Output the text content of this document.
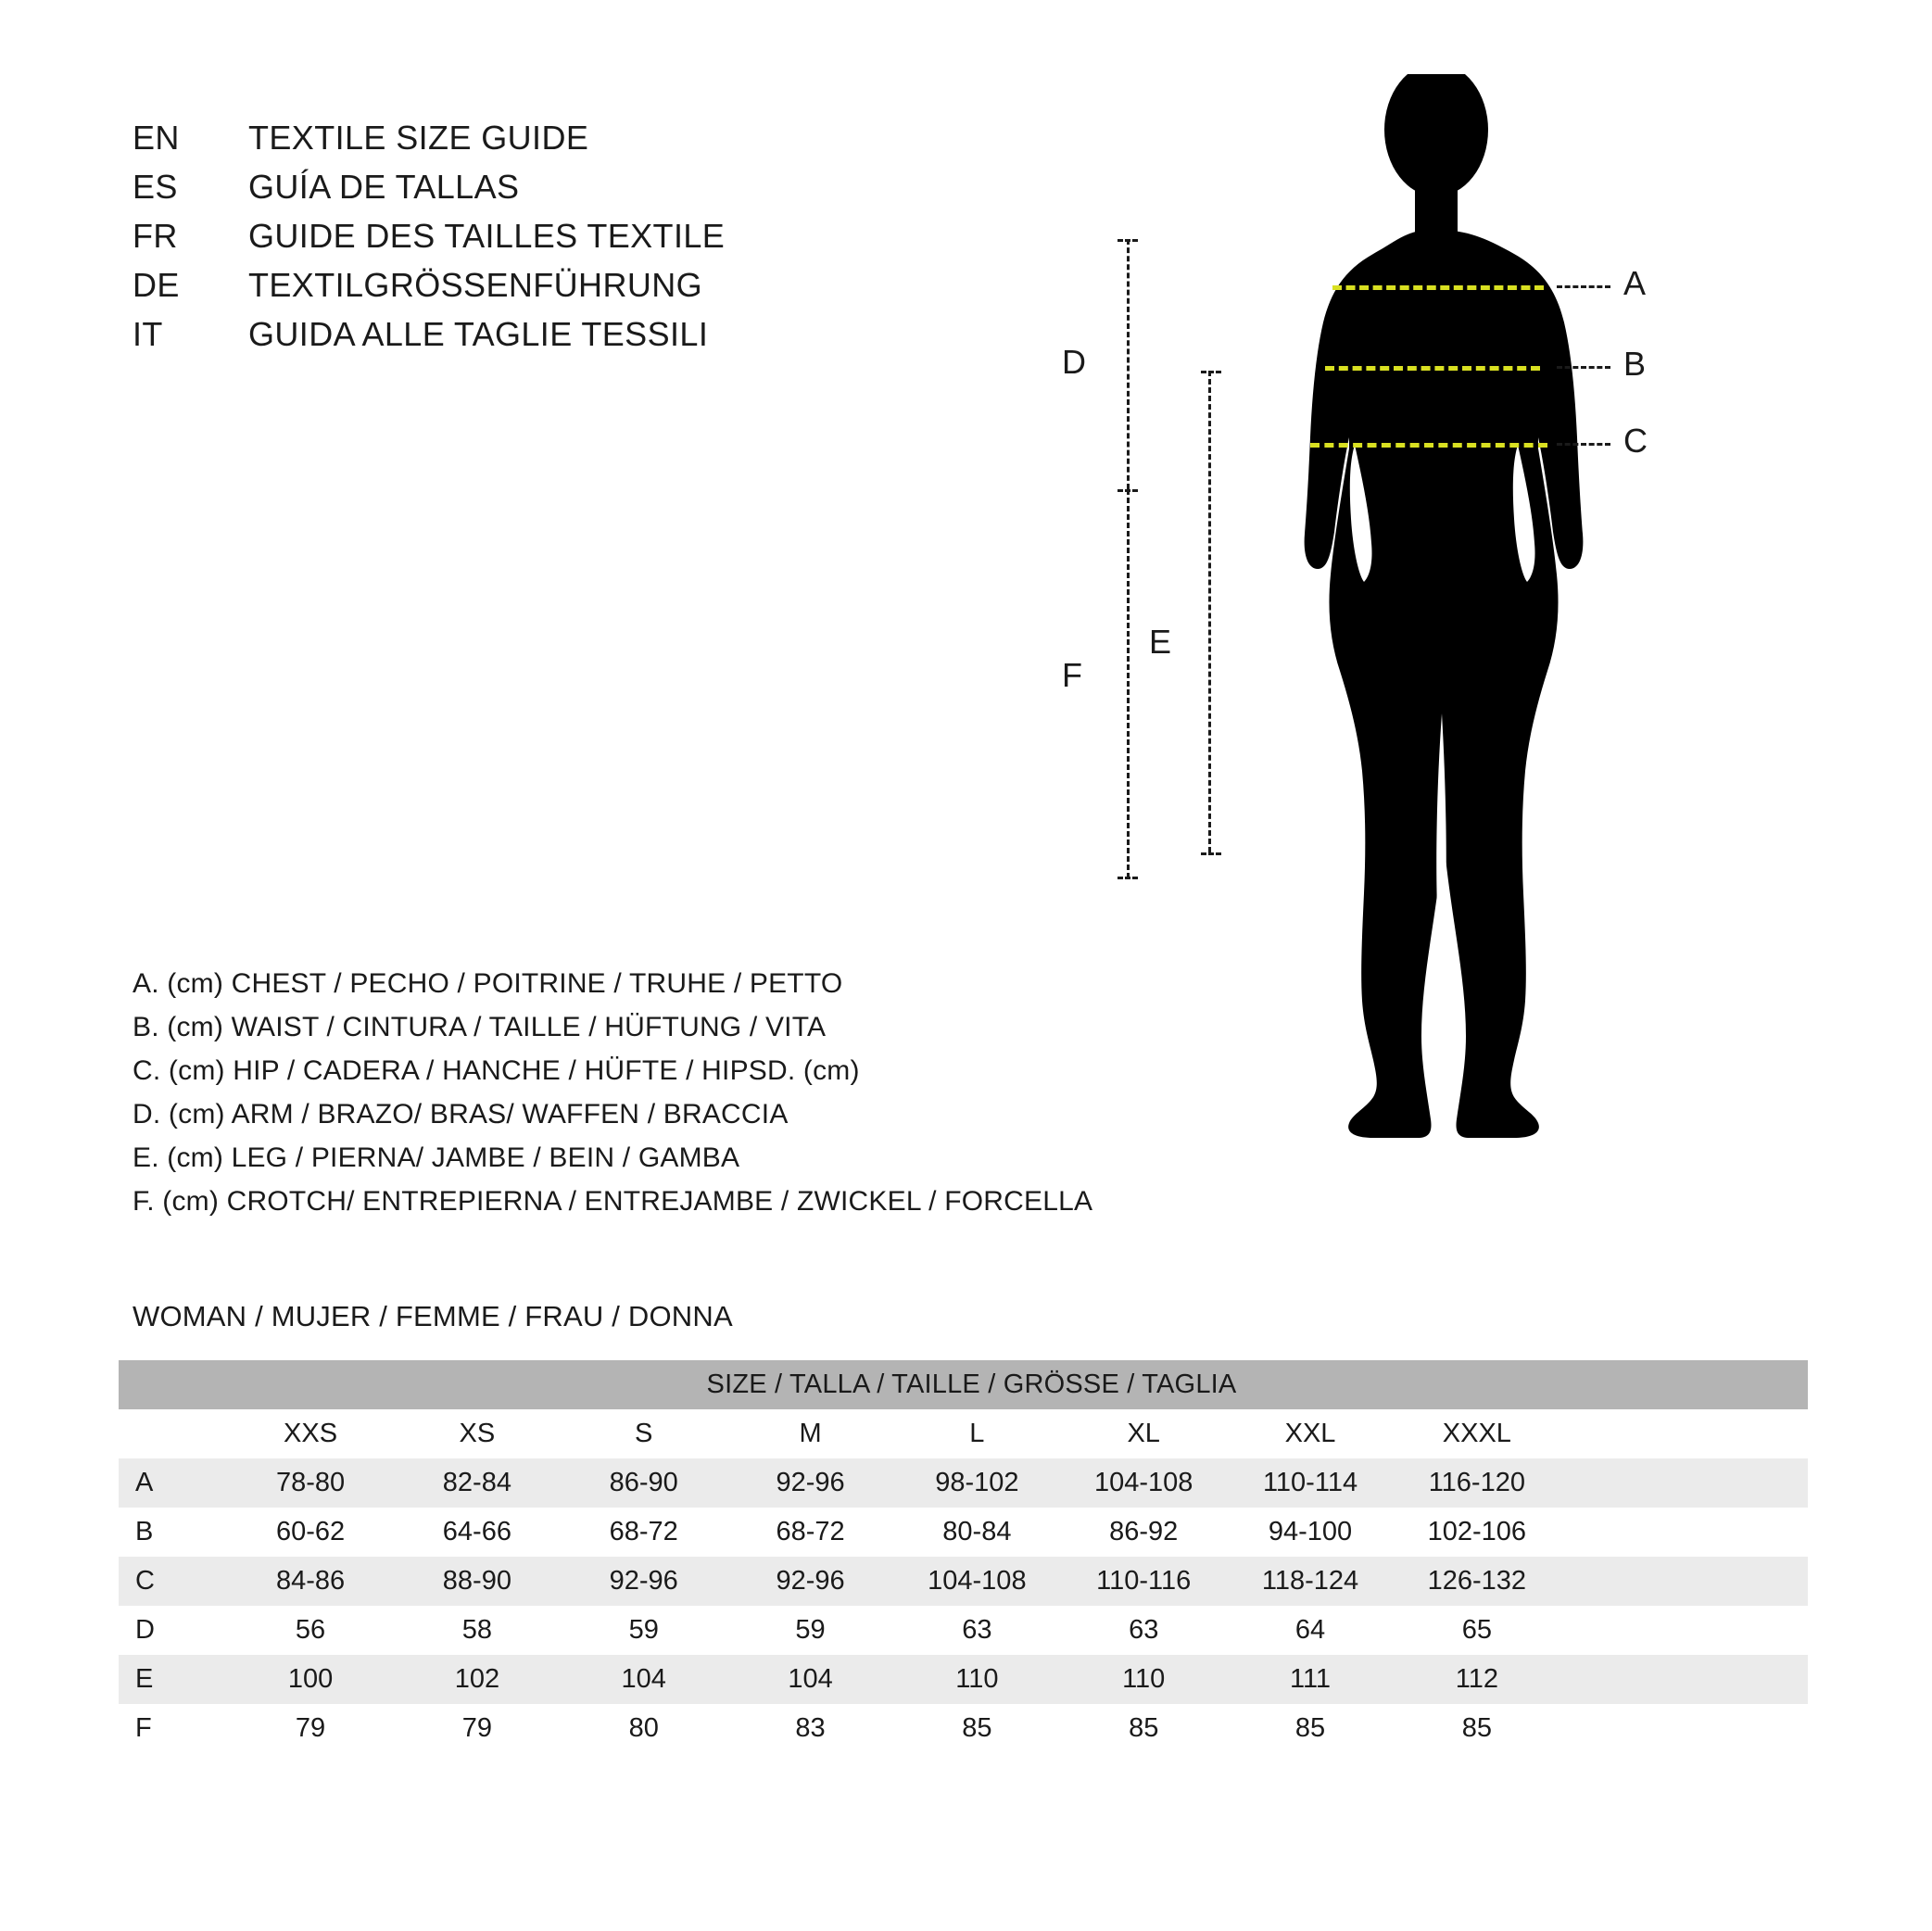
EN	TEXTILE SIZE GUIDE
ES	GUÍA DE TALLAS
FR	GUIDE DES TAILLES TEXTILE
DE	TEXTILGRÖSSENFÜHRUNG
IT	GUIDA ALLE TAGLIE TESSILI
A
B
C
D
F
E
A. (cm) CHEST / PECHO / POITRINE / TRUHE / PETTO
B. (cm) WAIST / CINTURA / TAILLE / HÜFTUNG / VITA
C. (cm) HIP / CADERA / HANCHE / HÜFTE / HIPSD. (cm)
D. (cm) ARM / BRAZO/ BRAS/ WAFFEN / BRACCIA
E. (cm) LEG / PIERNA/ JAMBE / BEIN / GAMBA
F. (cm) CROTCH/ ENTREPIERNA / ENTREJAMBE / ZWICKEL / FORCELLA
WOMAN / MUJER / FEMME / FRAU / DONNA
SIZE / TALLA / TAILLE / GRÖSSE / TAGLIA									
	XXS	XS	S	M	L	XL	XXL	XXXL	
A	78-80	82-84	86-90	92-96	98-102	104-108	110-114	116-120	
B	60-62	64-66	68-72	68-72	80-84	86-92	94-100	102-106	
C	84-86	88-90	92-96	92-96	104-108	110-116	118-124	126-132	
D	56	58	59	59	63	63	64	65	
E	100	102	104	104	110	110	111	112	
F	79	79	80	83	85	85	85	85	
